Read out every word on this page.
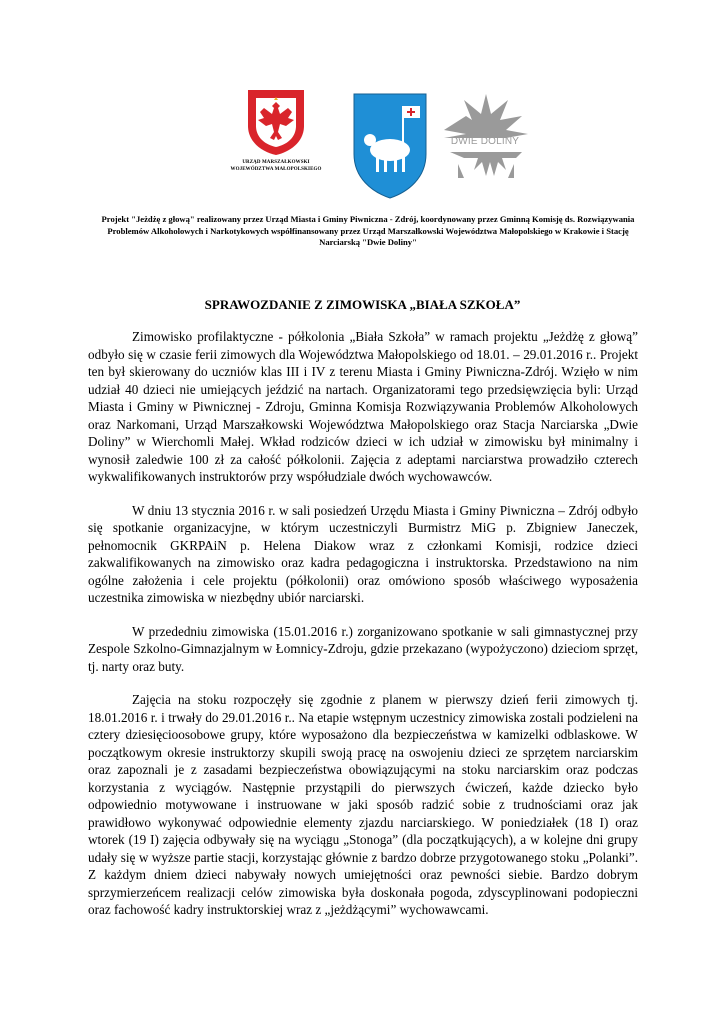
URZĄD MARSZAŁKOWSKI
WOJEWÓDZTWA MAŁOPOLSKIEGO
DWIE DOLINY
Projekt "Jeżdżę z głową" realizowany przez Urząd Miasta i Gminy Piwniczna - Zdrój, koordynowany przez Gminną Komisję ds. Rozwiązywania Problemów Alkoholowych i Narkotykowych współfinansowany przez Urząd Marszałkowski Województwa Małopolskiego w Krakowie i Stację Narciarską "Dwie Doliny"
SPRAWOZDANIE Z ZIMOWISKA „BIAŁA SZKOŁA”

Zimowisko profilaktyczne - półkolonia „Biała Szkoła” w ramach projektu „Jeżdżę z głową” odbyło się w czasie ferii zimowych dla Województwa Małopolskiego od 18.01. – 29.01.2016 r.. Projekt ten był skierowany do uczniów klas III i IV z terenu Miasta i Gminy Piwniczna-Zdrój. Wzięło w nim udział 40 dzieci nie umiejących jeździć na nartach. Organizatorami tego przedsięwzięcia byli: Urząd Miasta i Gminy w Piwnicznej - Zdroju, Gminna Komisja Rozwiązywania Problemów Alkoholowych oraz Narkomani, Urząd Marszałkowski Województwa Małopolskiego oraz Stacja Narciarska „Dwie Doliny” w Wierchomli Małej. Wkład rodziców dzieci w ich udział w zimowisku był minimalny i wynosił zaledwie 100 zł za całość półkolonii. Zajęcia z adeptami narciarstwa prowadziło czterech wykwalifikowanych instruktorów przy współudziale dwóch wychowawców.

W dniu 13 stycznia 2016 r. w sali posiedzeń Urzędu Miasta i Gminy Piwniczna – Zdrój odbyło się spotkanie organizacyjne, w którym uczestniczyli Burmistrz MiG p. Zbigniew Janeczek, pełnomocnik GKRPAiN p. Helena Diakow wraz z członkami Komisji, rodzice dzieci zakwalifikowanych na zimowisko oraz kadra pedagogiczna i instruktorska. Przedstawiono na nim ogólne założenia i cele projektu (półkolonii) oraz omówiono sposób właściwego wyposażenia uczestnika zimowiska w niezbędny ubiór narciarski.

W przededniu zimowiska (15.01.2016 r.) zorganizowano spotkanie w sali gimnastycznej przy Zespole Szkolno-Gimnazjalnym w Łomnicy-Zdroju, gdzie przekazano (wypożyczono) dzieciom sprzęt, tj. narty oraz buty.

Zajęcia na stoku rozpoczęły się zgodnie z planem w pierwszy dzień ferii zimowych tj. 18.01.2016 r. i trwały do 29.01.2016 r.. Na etapie wstępnym uczestnicy zimowiska zostali podzieleni na cztery dziesięcioosobowe grupy, które wyposażono dla bezpieczeństwa w kamizelki odblaskowe. W początkowym okresie instruktorzy skupili swoją pracę na oswojeniu dzieci ze sprzętem narciarskim oraz zapoznali je z zasadami bezpieczeństwa obowiązującymi na stoku narciarskim oraz podczas korzystania z wyciągów. Następnie przystąpili do pierwszych ćwiczeń, każde dziecko było odpowiednio motywowane i instruowane w jaki sposób radzić sobie z trudnościami oraz jak prawidłowo wykonywać odpowiednie elementy zjazdu narciarskiego. W poniedziałek (18 I) oraz wtorek (19 I) zajęcia odbywały się na wyciągu „Stonoga” (dla początkujących), a w kolejne dni grupy udały się w wyższe partie stacji, korzystając głównie z bardzo dobrze przygotowanego stoku „Polanki”. Z każdym dniem dzieci nabywały nowych umiejętności oraz pewności siebie. Bardzo dobrym sprzymierzeńcem realizacji celów zimowiska była doskonała pogoda, zdyscyplinowani podopieczni oraz fachowość kadry instruktorskiej wraz z „jeżdżącymi” wychowawcami.
